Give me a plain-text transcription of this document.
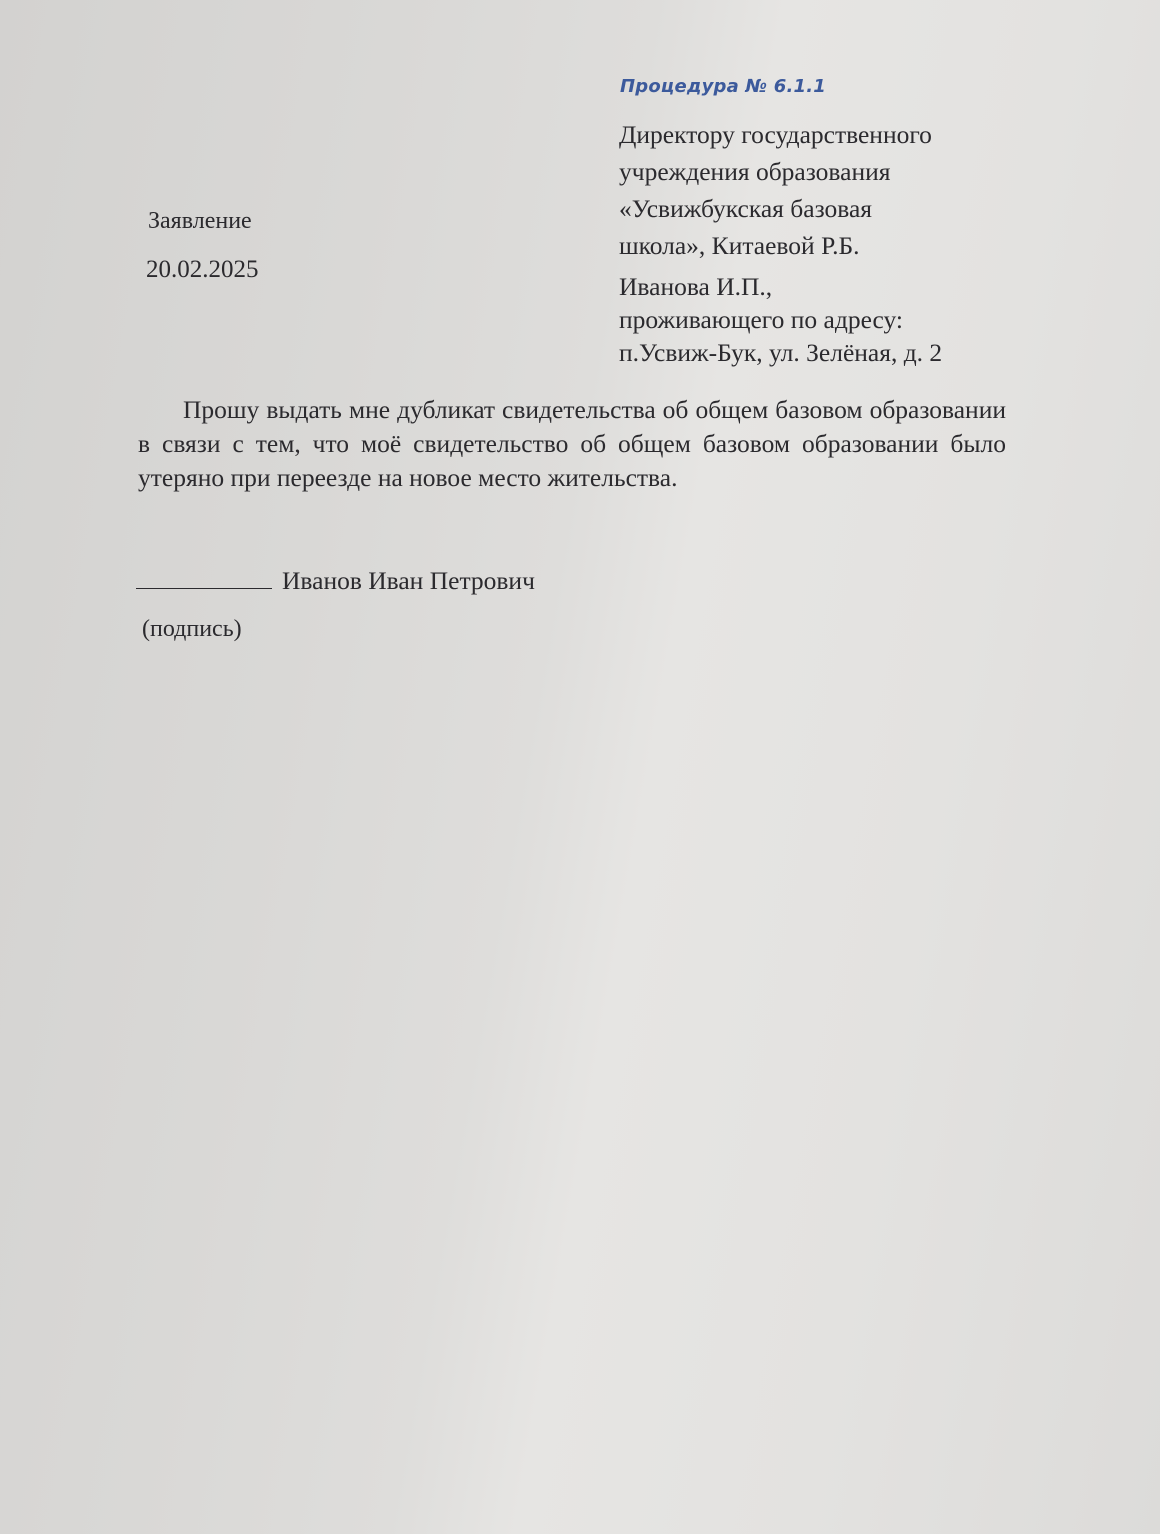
Процедура № 6.1.1
Директору государственного
учреждения образования
«Усвижбукская базовая
школа», Китаевой Р.Б.
Заявление
20.02.2025
Иванова И.П.,
проживающего по адресу:
п.Усвиж-Бук, ул. Зелёная, д. 2
Прошу выдать мне дубликат свидетельства об общем базовом образовании в связи с тем, что моё свидетельство об общем базовом образовании было утеряно при переезде на новое место жительства.
Иванов Иван Петрович
(подпись)
